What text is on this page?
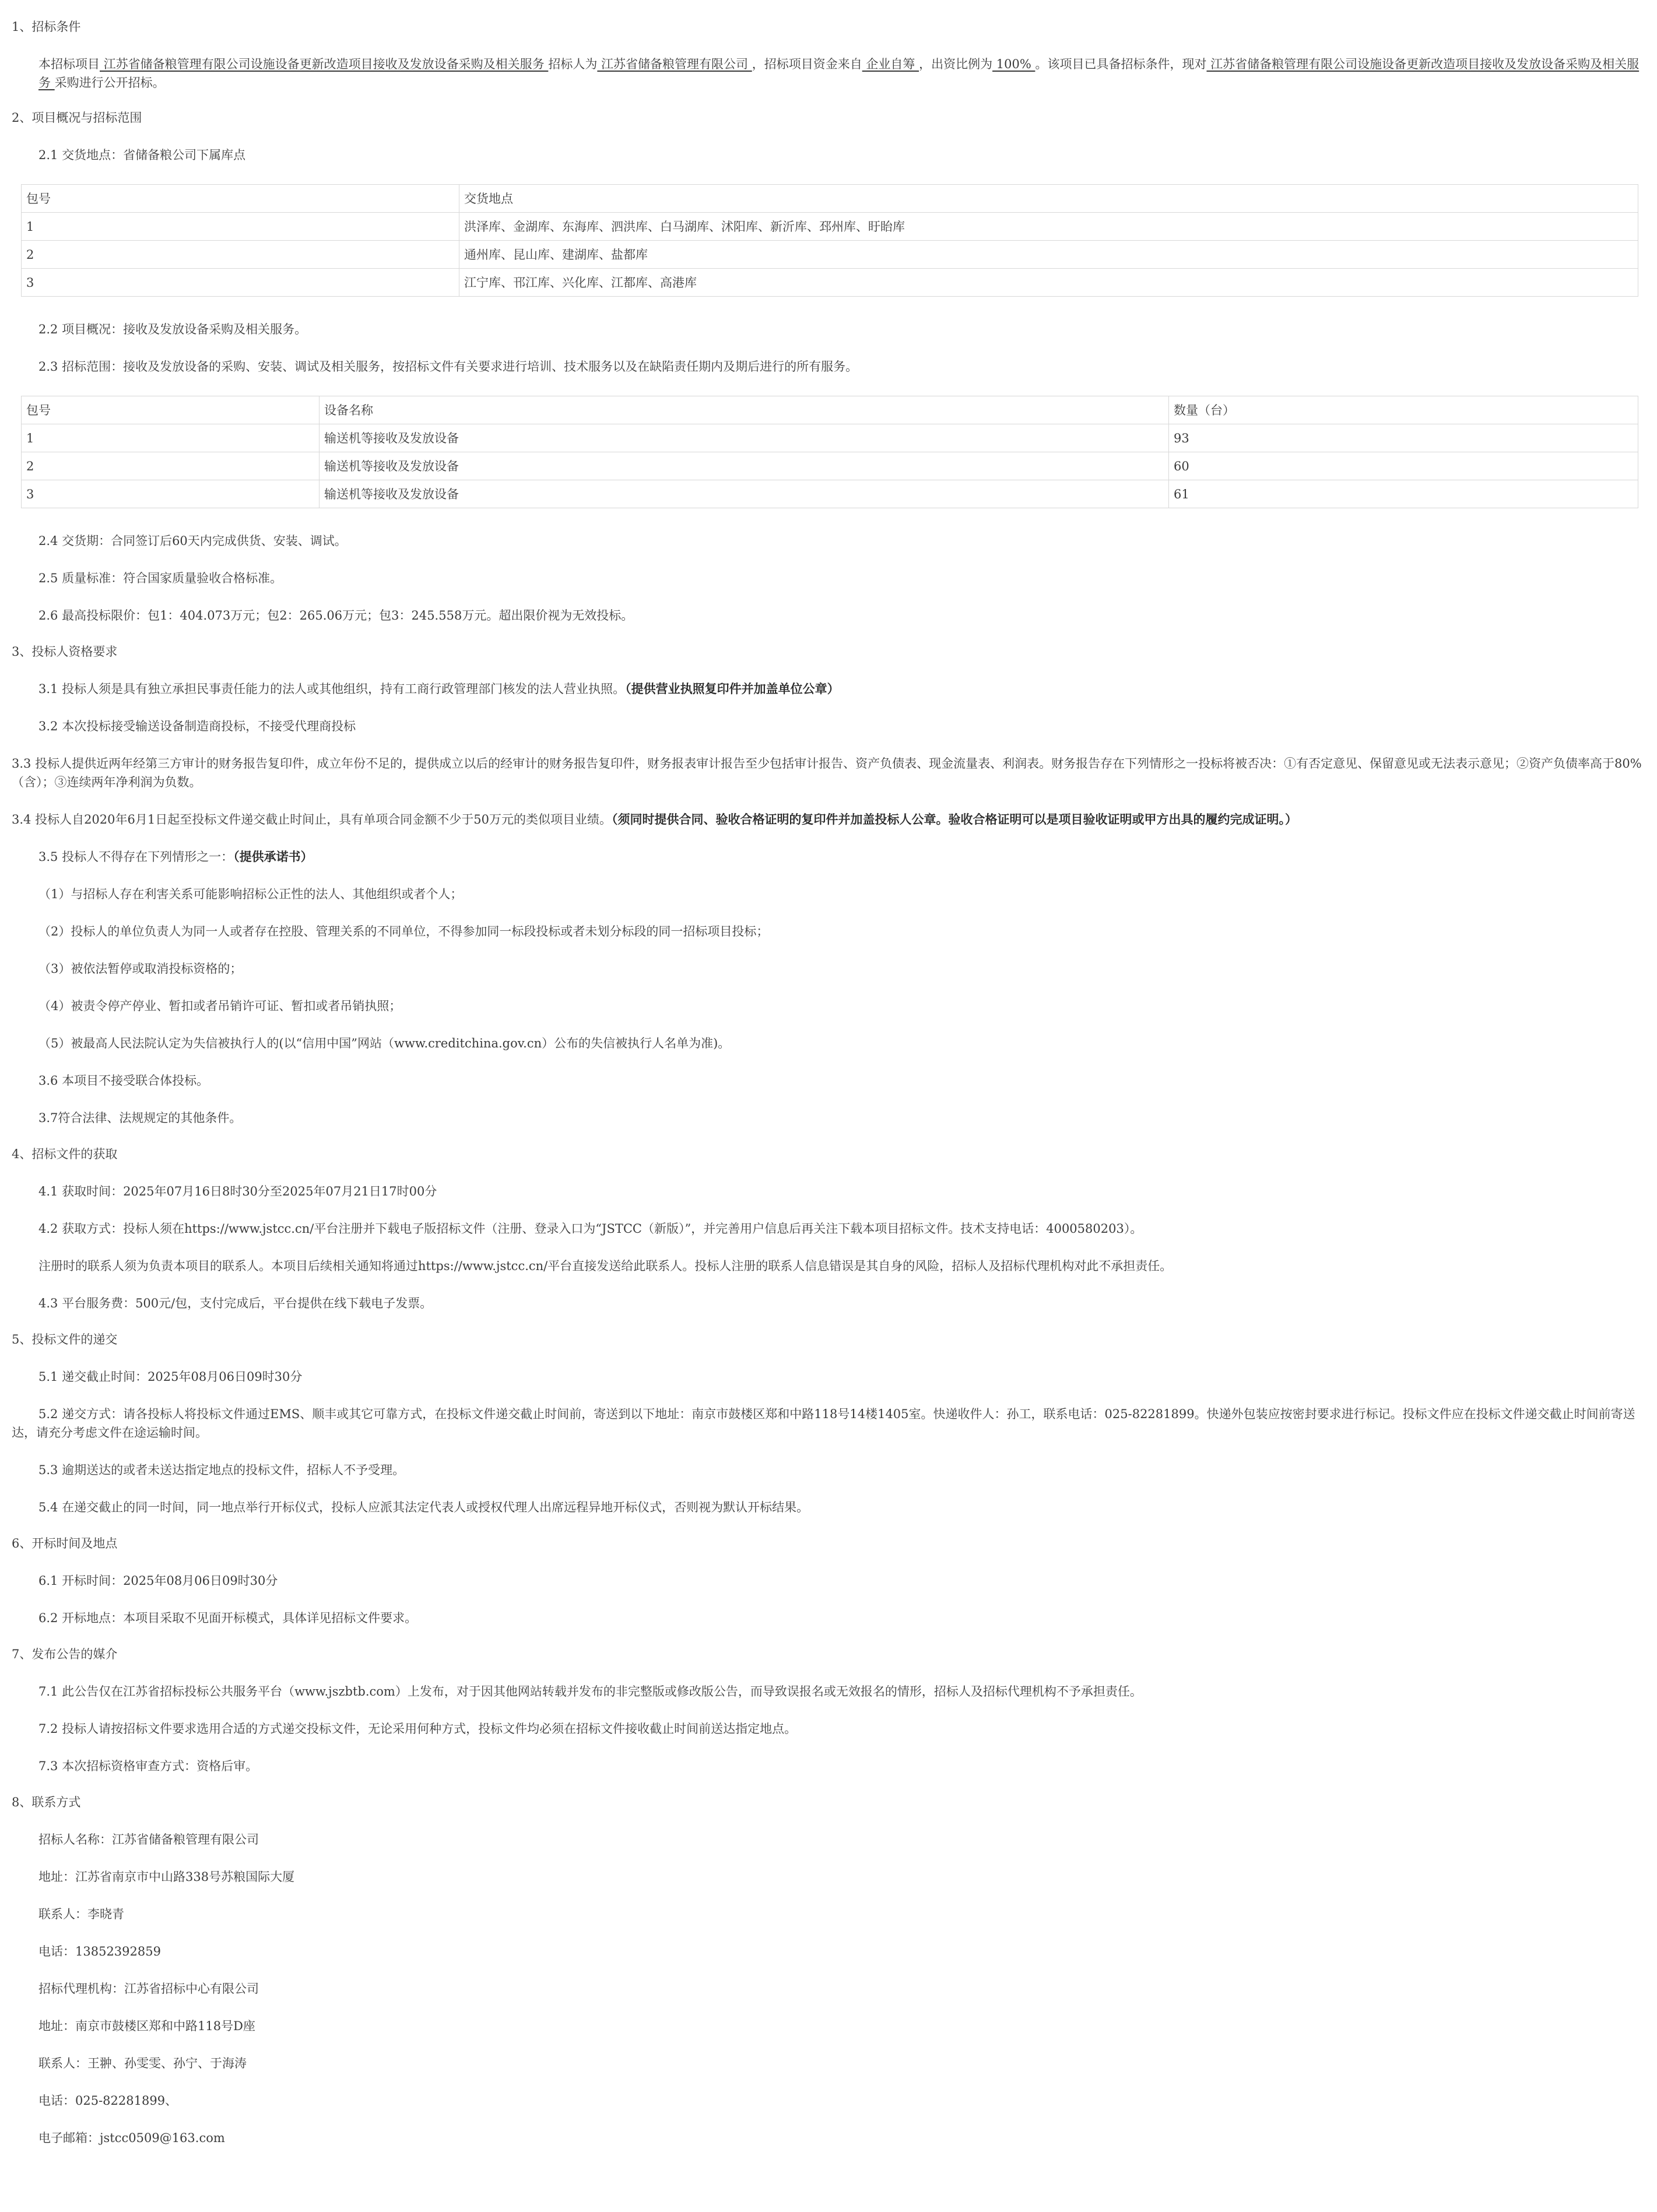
1、招标条件

本招标项目 江苏省储备粮管理有限公司设施设备更新改造项目接收及发放设备采购及相关服务 招标人为 江苏省储备粮管理有限公司 ，招标项目资金来自 企业自筹 ，出资比例为 100% 。该项目已具备招标条件，现对 江苏省储备粮管理有限公司设施设备更新改造项目接收及发放设备采购及相关服务 采购进行公开招标。

2、项目概况与招标范围

2.1 交货地点：省储备粮公司下属库点

包号	交货地点
1	洪泽库、金湖库、东海库、泗洪库、白马湖库、沭阳库、新沂库、邳州库、盱眙库
2	通州库、昆山库、建湖库、盐都库
3	江宁库、邗江库、兴化库、江都库、高港库

2.2 项目概况：接收及发放设备采购及相关服务。

2.3 招标范围：接收及发放设备的采购、安装、调试及相关服务，按招标文件有关要求进行培训、技术服务以及在缺陷责任期内及期后进行的所有服务。

包号	设备名称	数量（台）
1	输送机等接收及发放设备	93
2	输送机等接收及发放设备	60
3	输送机等接收及发放设备	61

2.4 交货期：合同签订后60天内完成供货、安装、调试。

2.5 质量标准：符合国家质量验收合格标准。

2.6 最高投标限价：包1：404.073万元；包2：265.06万元；包3：245.558万元。超出限价视为无效投标。

3、投标人资格要求

3.1 投标人须是具有独立承担民事责任能力的法人或其他组织，持有工商行政管理部门核发的法人营业执照。（提供营业执照复印件并加盖单位公章）

3.2 本次投标接受输送设备制造商投标，不接受代理商投标

3.3 投标人提供近两年经第三方审计的财务报告复印件，成立年份不足的，提供成立以后的经审计的财务报告复印件，财务报表审计报告至少包括审计报告、资产负债表、现金流量表、利润表。财务报告存在下列情形之一投标将被否决：①有否定意见、保留意见或无法表示意见；②资产负债率高于80%（含）；③连续两年净利润为负数。

3.4 投标人自2020年6月1日起至投标文件递交截止时间止，具有单项合同金额不少于50万元的类似项目业绩。（须同时提供合同、验收合格证明的复印件并加盖投标人公章。验收合格证明可以是项目验收证明或甲方出具的履约完成证明。）

3.5 投标人不得存在下列情形之一：（提供承诺书）

（1）与招标人存在利害关系可能影响招标公正性的法人、其他组织或者个人；

（2）投标人的单位负责人为同一人或者存在控股、管理关系的不同单位，不得参加同一标段投标或者未划分标段的同一招标项目投标；

（3）被依法暂停或取消投标资格的；

（4）被责令停产停业、暂扣或者吊销许可证、暂扣或者吊销执照；

（5）被最高人民法院认定为失信被执行人的(以“信用中国”网站（www.creditchina.gov.cn）公布的失信被执行人名单为准)。

3.6 本项目不接受联合体投标。

3.7符合法律、法规规定的其他条件。

4、招标文件的获取

4.1 获取时间：2025年07月16日8时30分至2025年07月21日17时00分

4.2 获取方式：投标人须在https://www.jstcc.cn/平台注册并下载电子版招标文件（注册、登录入口为“JSTCC（新版）”，并完善用户信息后再关注下载本项目招标文件。技术支持电话：4000580203）。

注册时的联系人须为负责本项目的联系人。本项目后续相关通知将通过https://www.jstcc.cn/平台直接发送给此联系人。投标人注册的联系人信息错误是其自身的风险，招标人及招标代理机构对此不承担责任。

4.3 平台服务费：500元/包，支付完成后，平台提供在线下载电子发票。

5、投标文件的递交

5.1 递交截止时间：2025年08月06日09时30分

5.2 递交方式：请各投标人将投标文件通过EMS、顺丰或其它可靠方式，在投标文件递交截止时间前，寄送到以下地址：南京市鼓楼区郑和中路118号14楼1405室。快递收件人：孙工，联系电话：025-82281899。快递外包装应按密封要求进行标记。投标文件应在投标文件递交截止时间前寄送达，请充分考虑文件在途运输时间。

5.3 逾期送达的或者未送达指定地点的投标文件，招标人不予受理。

5.4 在递交截止的同一时间，同一地点举行开标仪式，投标人应派其法定代表人或授权代理人出席远程异地开标仪式，否则视为默认开标结果。

6、开标时间及地点

6.1 开标时间：2025年08月06日09时30分

6.2 开标地点：本项目采取不见面开标模式，具体详见招标文件要求。

7、发布公告的媒介

7.1 此公告仅在江苏省招标投标公共服务平台（www.jszbtb.com）上发布，对于因其他网站转载并发布的非完整版或修改版公告，而导致误报名或无效报名的情形，招标人及招标代理机构不予承担责任。

7.2 投标人请按招标文件要求选用合适的方式递交投标文件，无论采用何种方式，投标文件均必须在招标文件接收截止时间前送达指定地点。

7.3 本次招标资格审查方式：资格后审。

8、联系方式

招标人名称：江苏省储备粮管理有限公司

地址：江苏省南京市中山路338号苏粮国际大厦

联系人：李晓青

电话：13852392859

招标代理机构：江苏省招标中心有限公司

地址：南京市鼓楼区郑和中路118号D座

联系人：王翀、孙雯雯、孙宁、于海涛

电话：025-82281899、

电子邮箱：jstcc0509@163.com
